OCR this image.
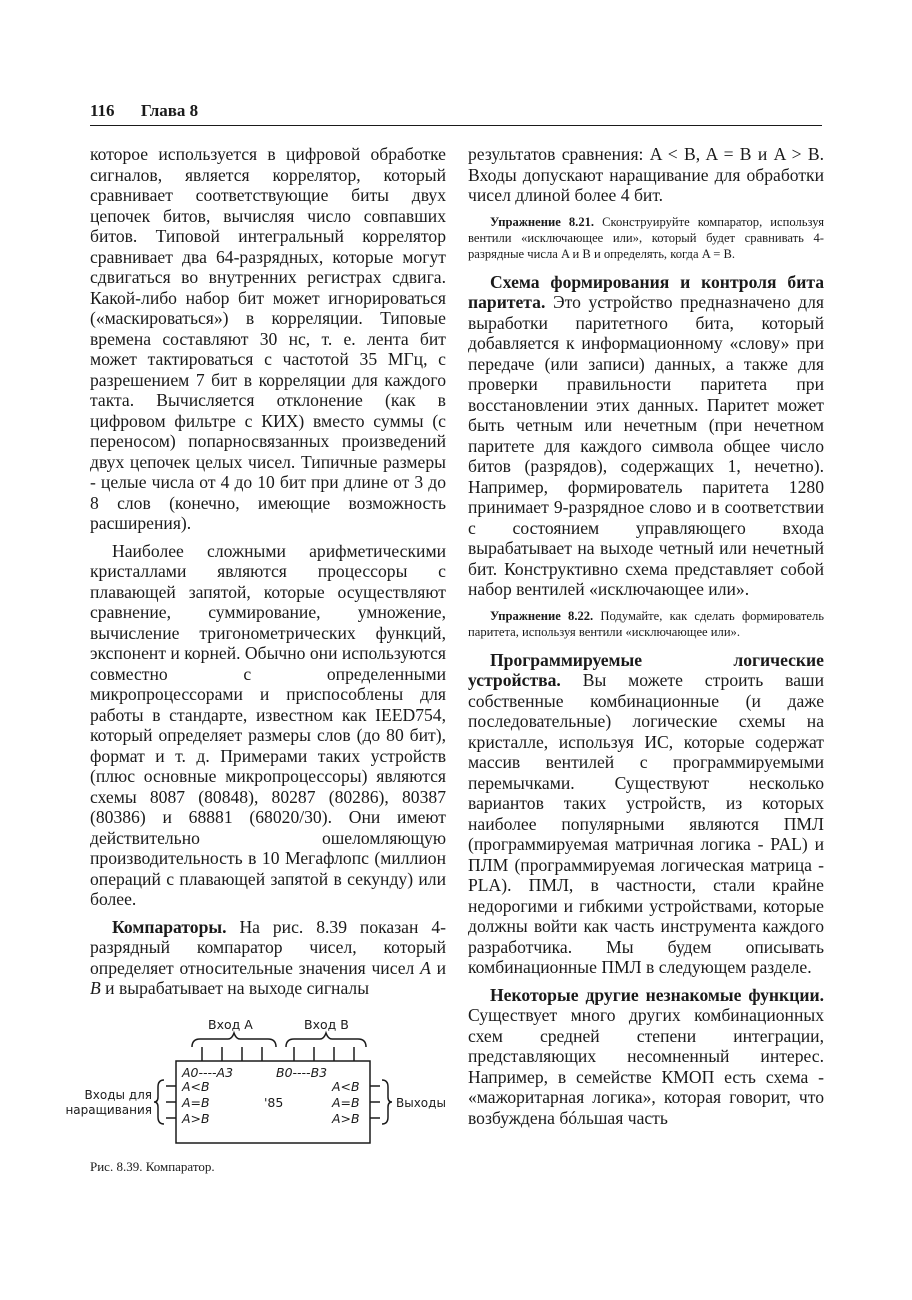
116 Глава 8

которое используется в цифровой обработке сигналов, является коррелятор, который сравнивает соответствующие биты двух цепочек битов, вычисляя число совпавших битов. Типовой интегральный коррелятор сравнивает два 64-разрядных, которые могут сдвигаться во внутренних регистрах сдвига. Какой-либо набор бит может игнорироваться («маскироваться») в корреляции. Типовые времена составляют 30 нс, т. е. лента бит может тактироваться с частотой 35 МГц, с разрешением 7 бит в корреляции для каждого такта. Вычисляется отклонение (как в цифровом фильтре с КИХ) вместо суммы (с переносом) попарносвязанных произведений двух цепочек целых чисел. Типичные размеры - целые числа от 4 до 10 бит при длине от 3 до 8 слов (конечно, имеющие возможность расширения).

Наиболее сложными арифметическими кристаллами являются процессоры с плавающей запятой, которые осуществляют сравнение, суммирование, умножение, вычисление тригонометрических функций, экспонент и корней. Обычно они используются совместно с определенными микропроцессорами и приспособлены для работы в стандарте, известном как IEED754, который определяет размеры слов (до 80 бит), формат и т. д. Примерами таких устройств (плюс основные микропроцессоры) являются схемы 8087 (80848), 80287 (80286), 80387 (80386) и 68881 (68020/30). Они имеют действительно ошеломляющую производительность в 10 Мегафлопс (миллион операций с плавающей запятой в секунду) или более.

Компараторы. На рис. 8.39 показан 4-разрядный компаратор чисел, который определяет относительные значения чисел A и B и вырабатывает на выходе сигналы

Вход А	Вход В
A0----A3	B0----B3
A<B
A=B
A>B
'85
A<B
A=B
A>B
Входы для
наращивания	Выходы
Рис. 8.39. Компаратор.

результатов сравнения: A < B, A = B и A > B. Входы допускают наращивание для обработки чисел длиной более 4 бит.

Упражнение 8.21. Сконструируйте компаратор, используя вентили «исключающее или», который будет сравнивать 4-разрядные числа A и B и определять, когда A = B.

Схема формирования и контроля бита паритета. Это устройство предназначено для выработки паритетного бита, который добавляется к информационному «слову» при передаче (или записи) данных, а также для проверки правильности паритета при восстановлении этих данных. Паритет может быть четным или нечетным (при нечетном паритете для каждого символа общее число битов (разрядов), содержащих 1, нечетно). Например, формирователь паритета 1280 принимает 9-разрядное слово и в соответствии с состоянием управляющего входа вырабатывает на выходе четный или нечетный бит. Конструктивно схема представляет собой набор вентилей «исключающее или».

Упражнение 8.22. Подумайте, как сделать формирователь паритета, используя вентили «исключающее или».

Программируемые логические устройства. Вы можете строить ваши собственные комбинационные (и даже последовательные) логические схемы на кристалле, используя ИС, которые содержат массив вентилей с программируемыми перемычками. Существуют несколько вариантов таких устройств, из которых наиболее популярными являются ПМЛ (программируемая матричная логика - PAL) и ПЛМ (программируемая логическая матрица - PLA). ПМЛ, в частности, стали крайне недорогими и гибкими устройствами, которые должны войти как часть инструмента каждого разработчика. Мы будем описывать комбинационные ПМЛ в следующем разделе.

Некоторые другие незнакомые функции. Существует много других комбинационных схем средней степени интеграции, представляющих несомненный интерес. Например, в семействе КМОП есть схема - «мажоритарная логика», которая говорит, что возбуждена бóльшая часть
